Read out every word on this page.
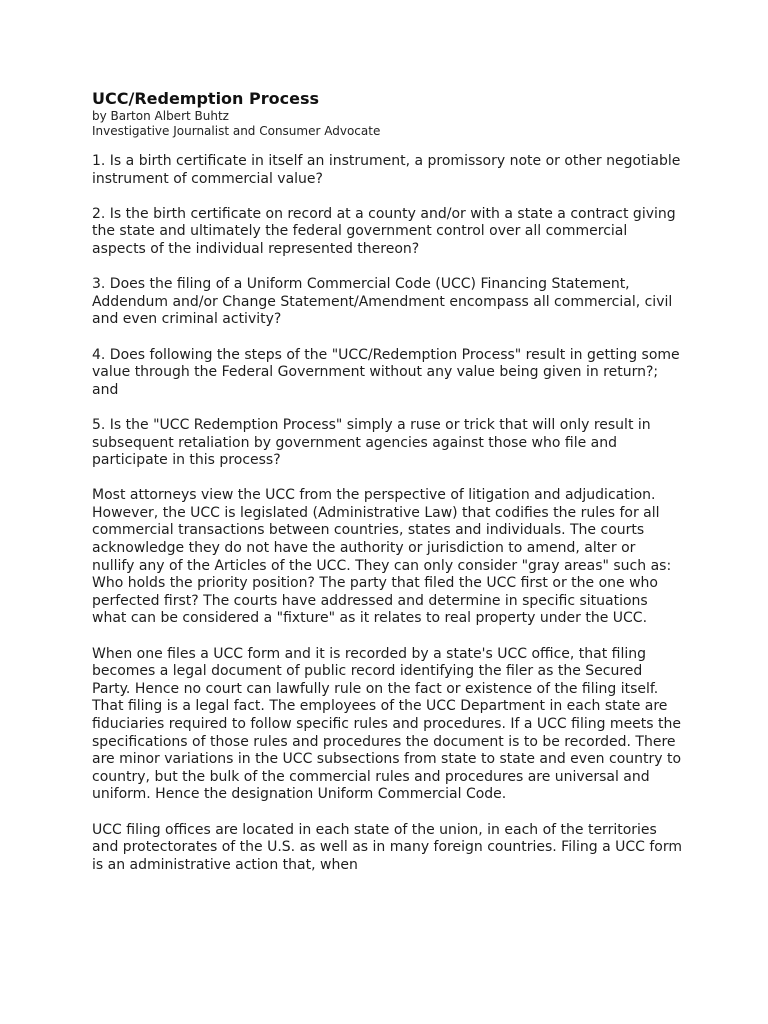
UCC/Redemption Process
by Barton Albert Buhtz
Investigative Journalist and Consumer Advocate

1. Is a birth certificate in itself an instrument, a promissory note or other negotiable instrument of commercial value?

2. Is the birth certificate on record at a county and/or with a state a contract giving the state and ultimately the federal government control over all commercial aspects of the individual represented thereon?

3. Does the filing of a Uniform Commercial Code (UCC) Financing Statement, Addendum and/or Change Statement/Amendment encompass all commercial, civil and even criminal activity?

4. Does following the steps of the "UCC/Redemption Process" result in getting some value through the Federal Government without any value being given in return?; and

5. Is the "UCC Redemption Process" simply a ruse or trick that will only result in subsequent retaliation by government agencies against those who file and participate in this process?

Most attorneys view the UCC from the perspective of litigation and adjudication. However, the UCC is legislated (Administrative Law) that codifies the rules for all commercial transactions between countries, states and individuals. The courts acknowledge they do not have the authority or jurisdiction to amend, alter or nullify any of the Articles of the UCC. They can only consider "gray areas" such as: Who holds the priority position? The party that filed the UCC first or the one who perfected first? The courts have addressed and determine in specific situations what can be considered a "fixture" as it relates to real property under the UCC.

When one files a UCC form and it is recorded by a state's UCC office, that filing becomes a legal document of public record identifying the filer as the Secured Party. Hence no court can lawfully rule on the fact or existence of the filing itself. That filing is a legal fact. The employees of the UCC Department in each state are fiduciaries required to follow specific rules and procedures. If a UCC filing meets the specifications of those rules and procedures the document is to be recorded. There are minor variations in the UCC subsections from state to state and even country to country, but the bulk of the commercial rules and procedures are universal and uniform. Hence the designation Uniform Commercial Code.

UCC filing offices are located in each state of the union, in each of the territories and protectorates of the U.S. as well as in many foreign countries. Filing a UCC form is an administrative action that, when
